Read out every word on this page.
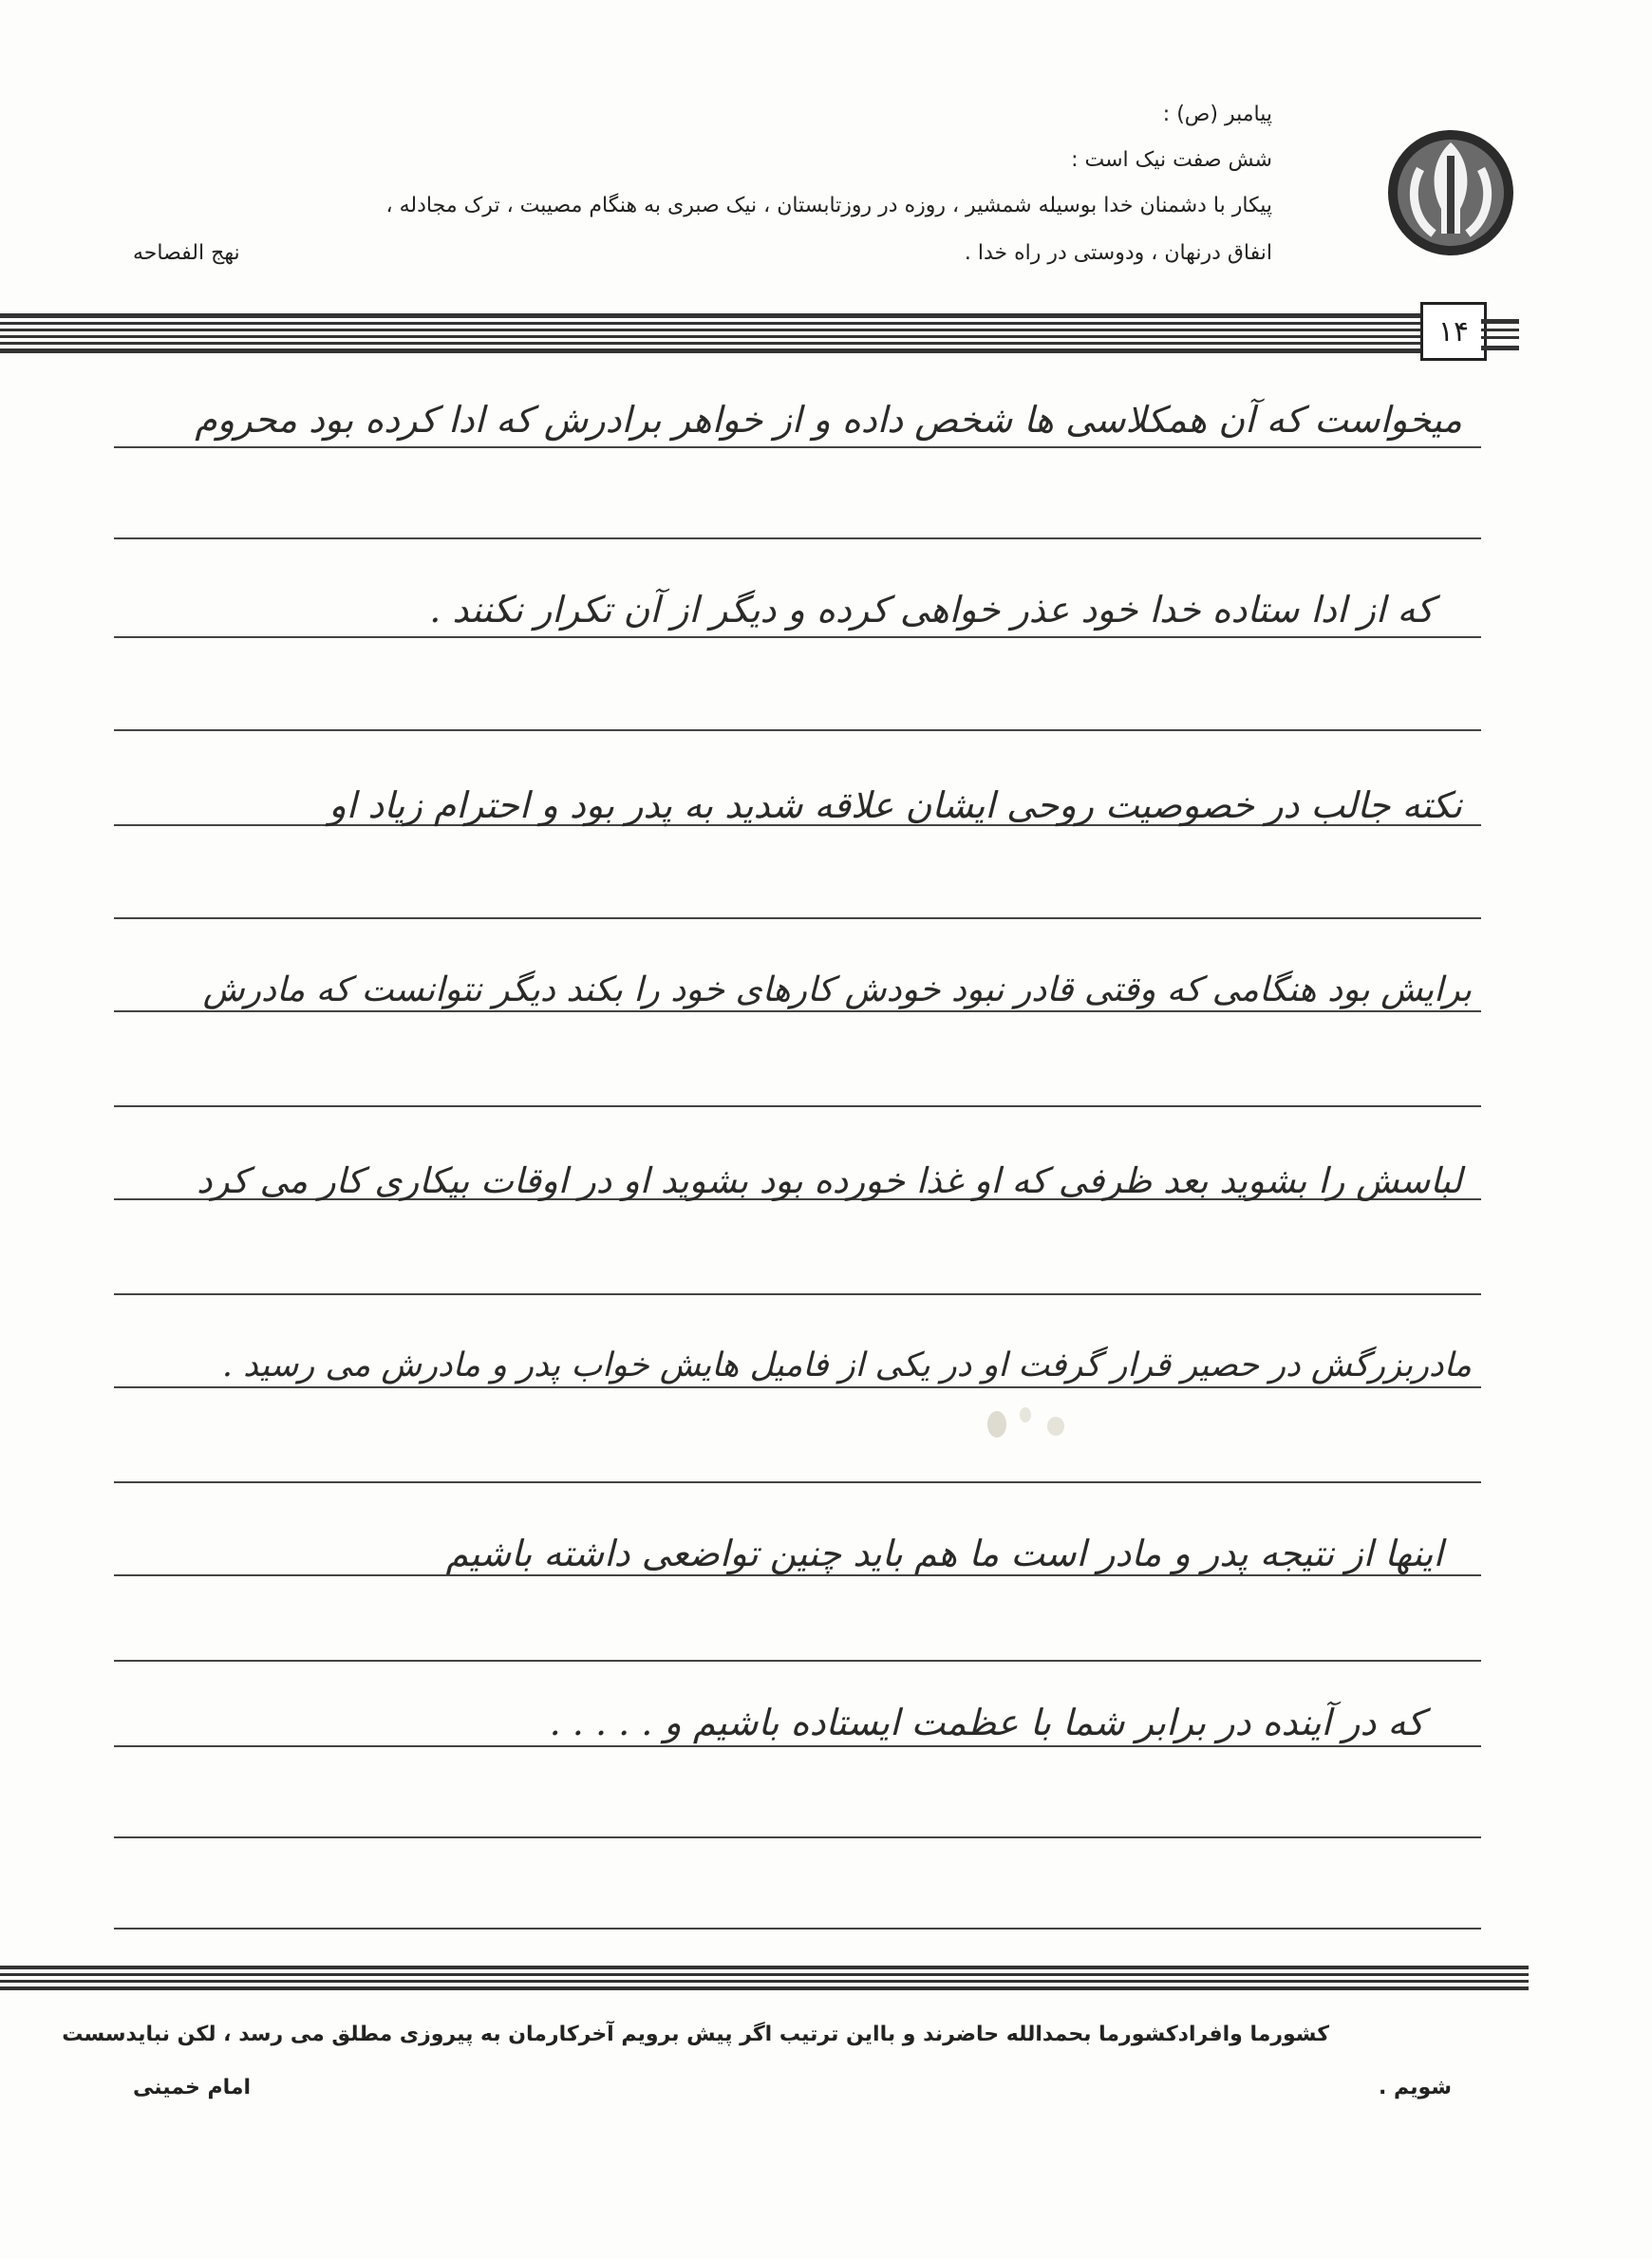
پیامبر (ص) :
شش صفت نیک است :
پیکار با دشمنان خدا بوسیله شمشیر ، روزه در روزتابستان ، نیک صبری به هنگام مصیبت ، ترک مجادله ،
انفاق درنهان ، ودوستی در راه خدا .
نهج الفصاحه
۱۴
میخواست که آن همکلاسی ها شخص داده و از خواهر برادرش که ادا کرده بود محروم
که از ادا ستاده خدا خود عذر خواهی کرده و دیگر از آن تکرار نکنند .
نکته جالب در خصوصیت روحی ایشان علاقه شدید به پدر بود و احترام زیاد او
برایش بود هنگامی که وقتی قادر نبود خودش کارهای خود را بکند دیگر نتوانست که مادرش
لباسش را بشوید بعد ظرفی که او غذا خورده بود بشوید او در اوقات بیکاری کار می کرد
مادربزرگش در حصیر قرار گرفت او در یکی از فامیل هایش خواب پدر و مادرش می رسید .
اینها از نتیجه پدر و مادر است ما هم باید چنین تواضعی داشته باشیم
که در آینده در برابر شما با عظمت ایستاده باشیم و . . . . .
کشورما وافرادکشورما بحمدالله حاضرند و بااین ترتیب اگر پیش برویم آخرکارمان به پیروزی مطلق می رسد ، لکن نبایدسست
شویم .
امام خمینی
